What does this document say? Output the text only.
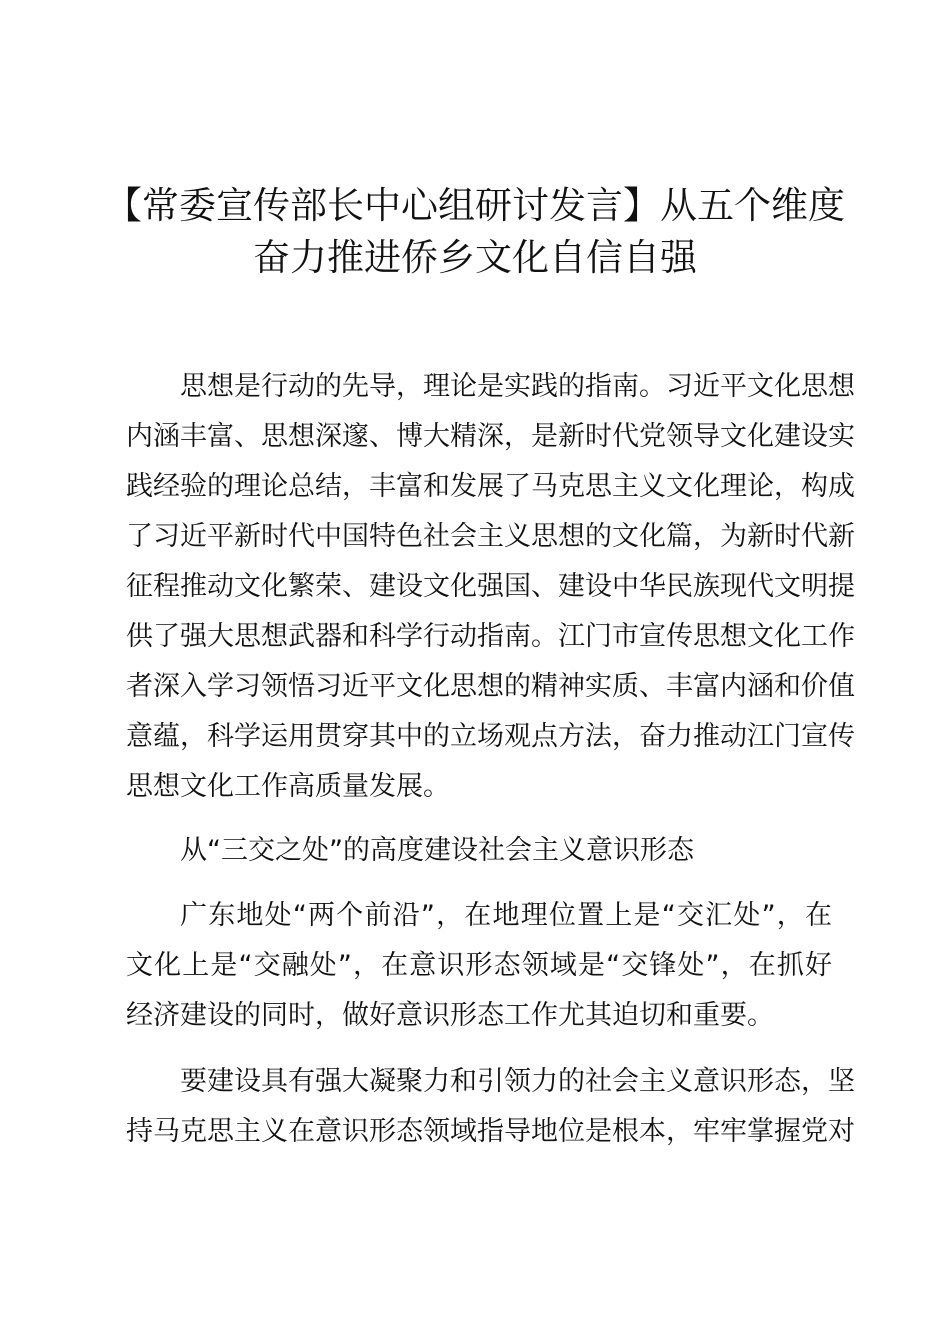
【常委宣传部长中心组研讨发言】从五个维度
奋力推进侨乡文化自信自强
思想是行动的先导，理论是实践的指南。习近平文化思想
内涵丰富、思想深邃、博大精深，是新时代党领导文化建设实
践经验的理论总结，丰富和发展了马克思主义文化理论，构成
了习近平新时代中国特色社会主义思想的文化篇，为新时代新
征程推动文化繁荣、建设文化强国、建设中华民族现代文明提
供了强大思想武器和科学行动指南。江门市宣传思想文化工作
者深入学习领悟习近平文化思想的精神实质、丰富内涵和价值
意蕴，科学运用贯穿其中的立场观点方法，奋力推动江门宣传
思想文化工作高质量发展。
从“三交之处”的高度建设社会主义意识形态
广东地处“两个前沿”，在地理位置上是“交汇处”，在
文化上是“交融处”，在意识形态领域是“交锋处”，在抓好
经济建设的同时，做好意识形态工作尤其迫切和重要。
要建设具有强大凝聚力和引领力的社会主义意识形态，坚
持马克思主义在意识形态领域指导地位是根本，牢牢掌握党对
